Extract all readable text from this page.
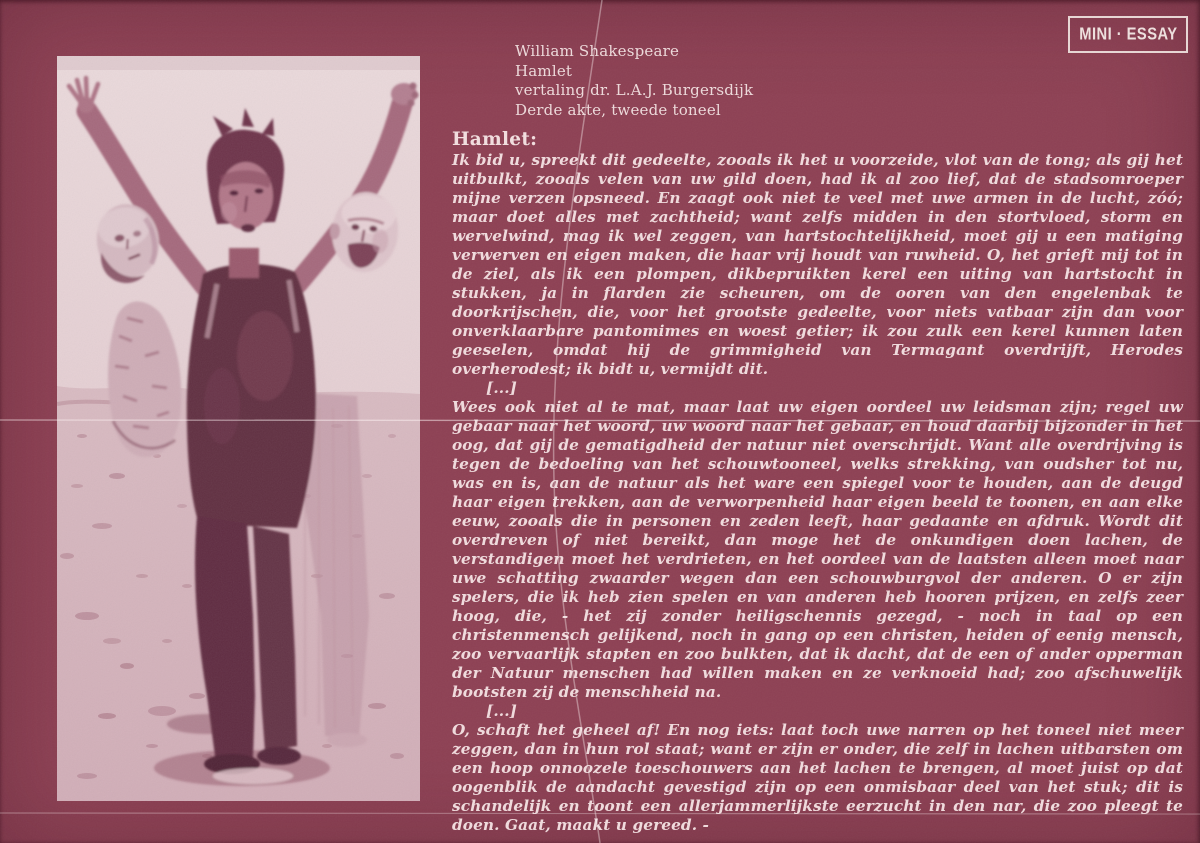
MINI · ESSAY
William Shakespeare
Hamlet
vertaling dr. L.A.J. Burgersdijk
Derde akte, tweede toneel
Hamlet:

Ik bid u, spreekt dit gedeelte, zooals ik het u voorzeide, vlot van de tong; als gij het uitbulkt, zooals velen van uw gild doen, had ik al zoo lief, dat de stadsomroeper mijne verzen opsneed. En zaagt ook niet te veel met uwe armen in de lucht, zóó; maar doet alles met zachtheid; want zelfs midden in den stortvloed, storm en wervelwind, mag ik wel zeggen, van hartstochtelijkheid, moet gij u een matiging verwerven en eigen maken, die haar vrij houdt van ruwheid. O, het grieft mij tot in de ziel, als ik een plompen, dikbepruikten kerel een uiting van hartstocht in stukken, ja in flarden zie scheuren, om de ooren van den engelenbak te doorkrijschen, die, voor het grootste gedeelte, voor niets vatbaar zijn dan voor onverklaarbare pantomimes en woest getier; ik zou zulk een kerel kunnen laten geeselen, omdat hij de grimmigheid van Termagant overdrijft, Herodes overherodest; ik bidt u, vermijdt dit.

[...]

Wees ook niet al te mat, maar laat uw eigen oordeel uw leidsman zijn; regel uw gebaar naar het woord, uw woord naar het gebaar, en houd daarbij bijzonder in het oog, dat gij de gematigdheid der natuur niet overschrijdt. Want alle overdrijving is tegen de bedoeling van het schouwtooneel, welks strekking, van oudsher tot nu, was en is, aan de natuur als het ware een spiegel voor te houden, aan de deugd haar eigen trekken, aan de verworpenheid haar eigen beeld te toonen, en aan elke eeuw, zooals die in personen en zeden leeft, haar gedaante en afdruk. Wordt dit overdreven of niet bereikt, dan moge het de onkundigen doen lachen, de verstandigen moet het verdrieten, en het oordeel van de laatsten alleen moet naar uwe schatting zwaarder wegen dan een schouwburgvol der anderen. O er zijn spelers, die ik heb zien spelen en van anderen heb hooren prijzen, en zelfs zeer hoog, die, - het zij zonder heiligschennis gezegd, - noch in taal op een christenmensch gelijkend, noch in gang op een christen, heiden of eenig mensch, zoo vervaarlijk stapten en zoo bulkten, dat ik dacht, dat de een of ander opperman der Natuur menschen had willen maken en ze verknoeid had; zoo afschuwelijk bootsten zij de menschheid na.

[...]

O, schaft het geheel af! En nog iets: laat toch uwe narren op het toneel niet meer zeggen, dan in hun rol staat; want er zijn er onder, die zelf in lachen uitbarsten om een hoop onnoozele toeschouwers aan het lachen te brengen, al moet juist op dat oogenblik de aandacht gevestigd zijn op een onmisbaar deel van het stuk; dit is schandelijk en toont een allerjammerlijkste eerzucht in den nar, die zoo pleegt te doen. Gaat, maakt u gereed. -
